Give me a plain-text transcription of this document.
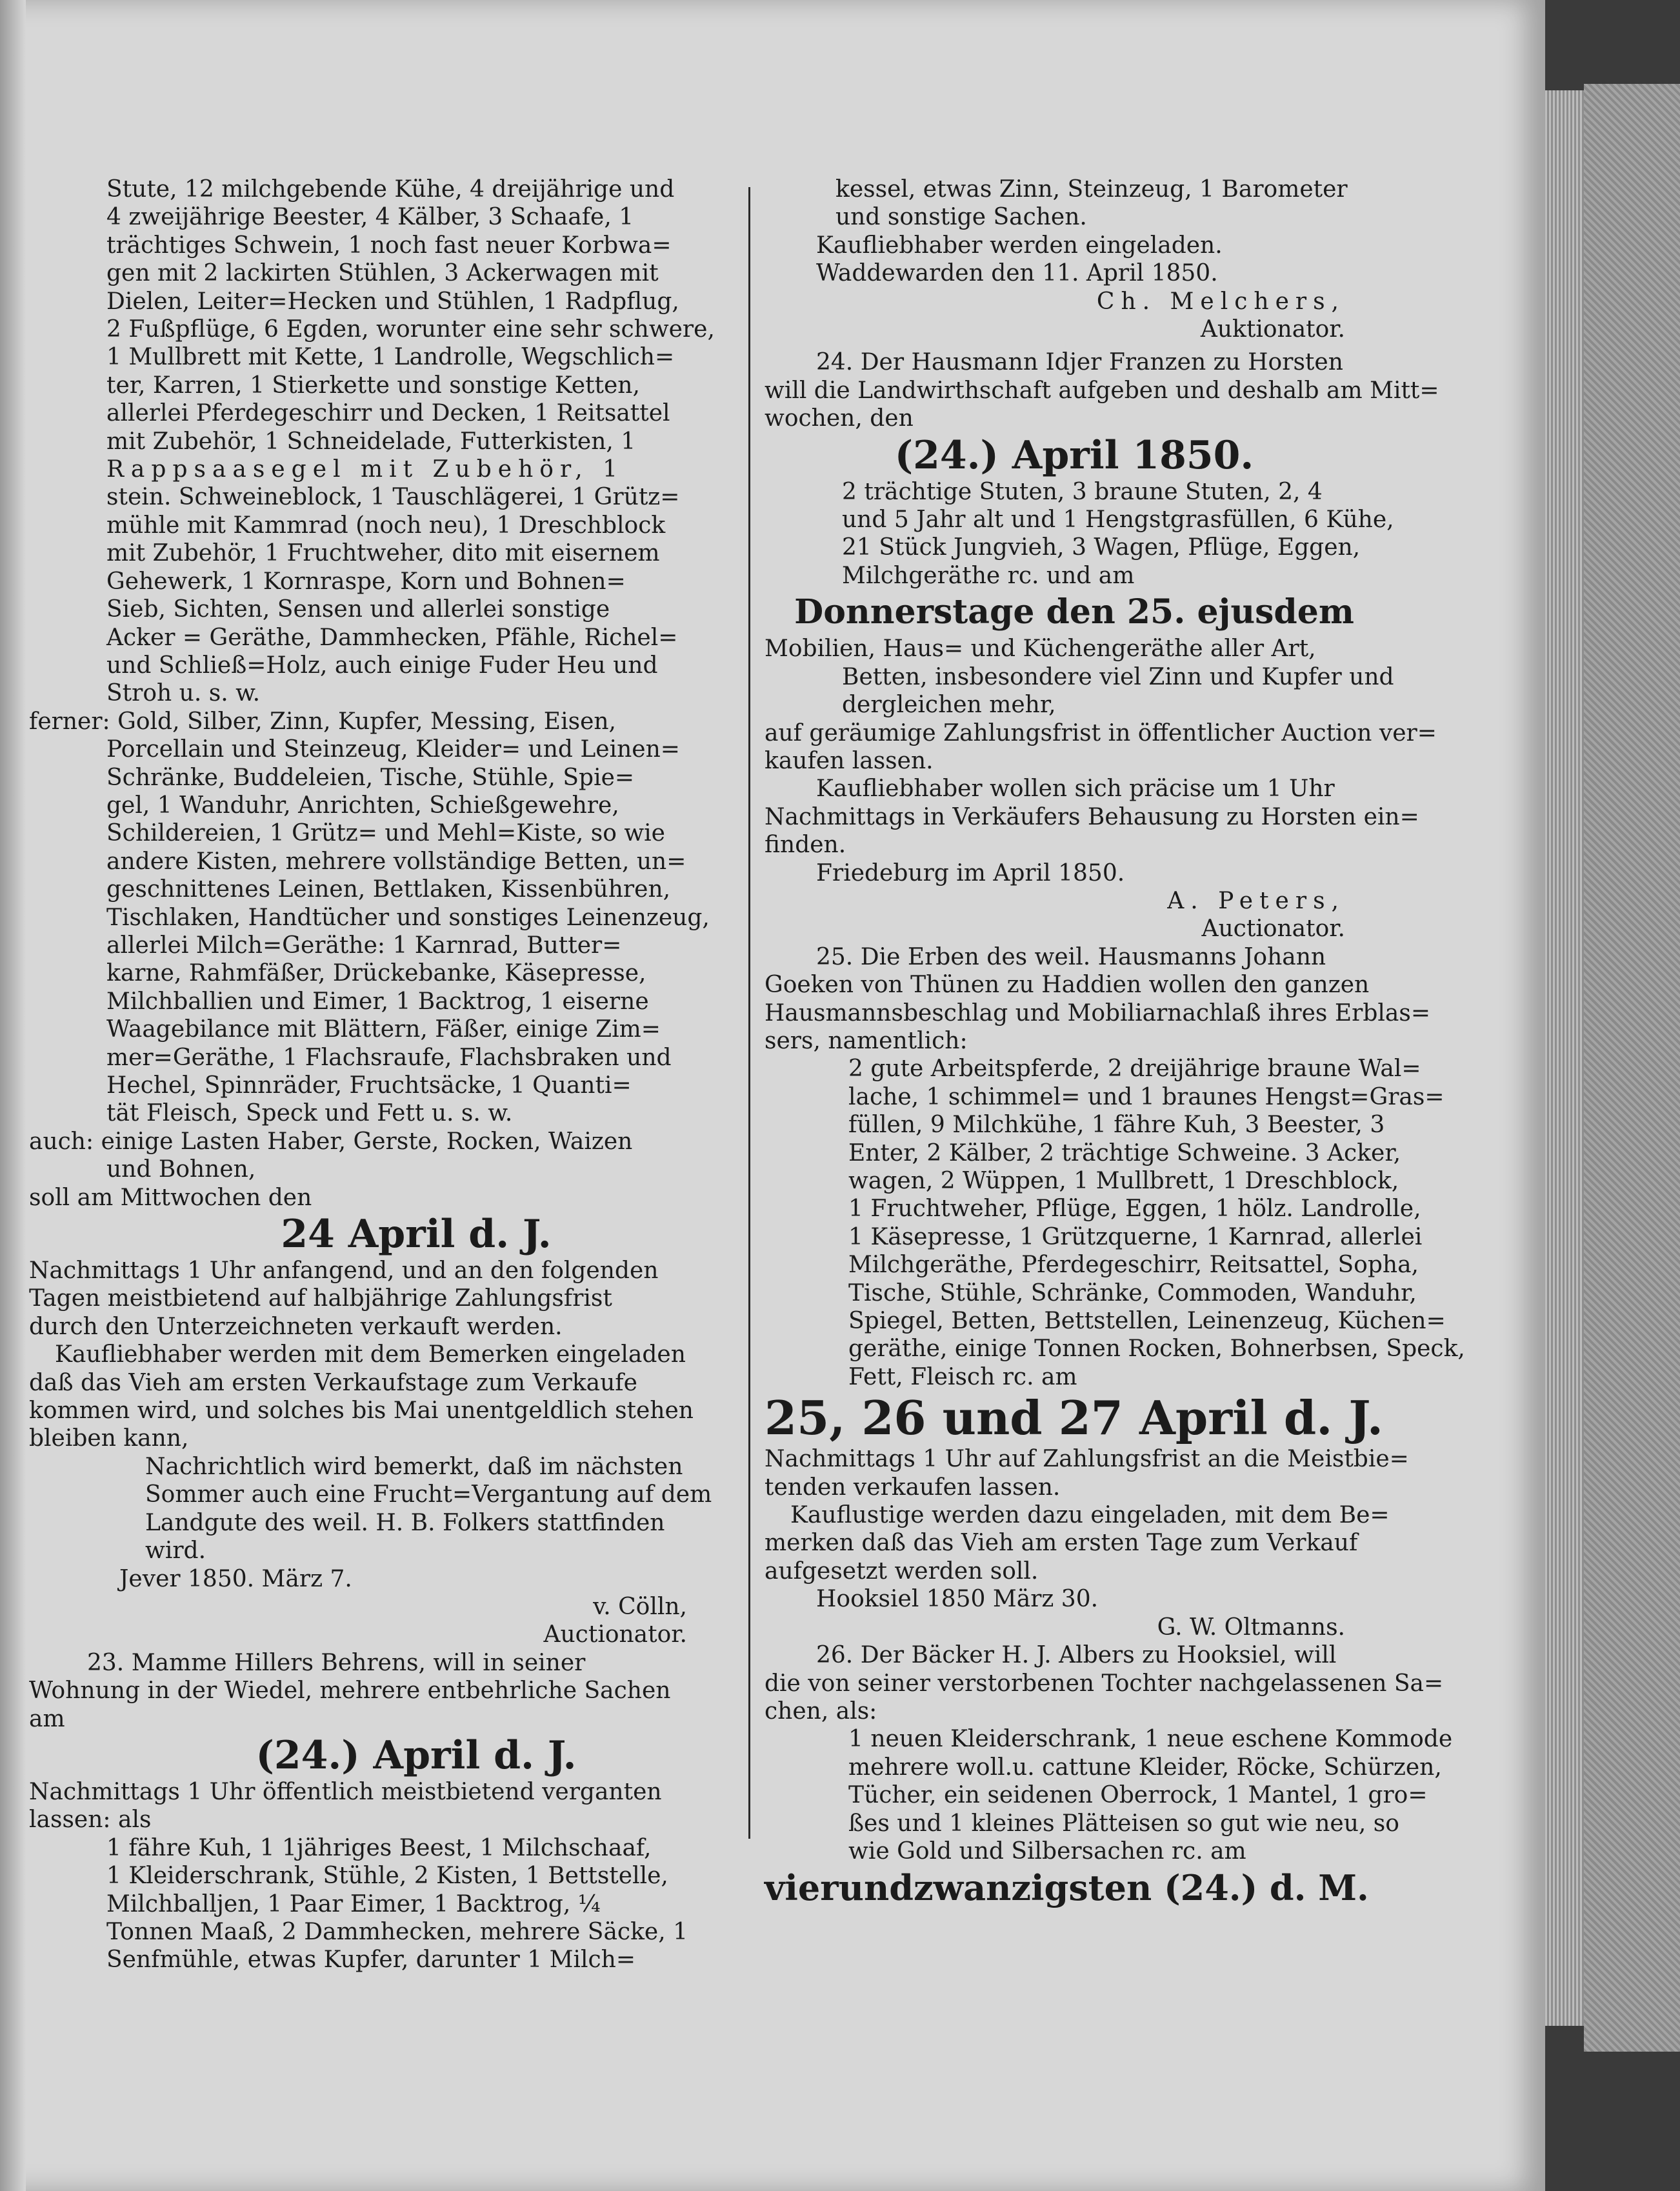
Stute, 12 milchgebende Kühe, 4 dreijährige und
4 zweijährige Beester, 4 Kälber, 3 Schaafe, 1
trächtiges Schwein, 1 noch fast neuer Korbwa=
gen mit 2 lackirten Stühlen, 3 Ackerwagen mit
Dielen, Leiter=Hecken und Stühlen, 1 Radpflug,
2 Fußpflüge, 6 Egden, worunter eine sehr schwere,
1 Mullbrett mit Kette, 1 Landrolle, Wegschlich=
ter, Karren, 1 Stierkette und sonstige Ketten,
allerlei Pferdegeschirr und Decken, 1 Reitsattel
mit Zubehör, 1 Schneidelade, Futterkisten, 1
Rappsaasegel mit Zubehör, 1
stein. Schweineblock, 1 Tauschlägerei, 1 Grütz=
mühle mit Kammrad (noch neu), 1 Dreschblock
mit Zubehör, 1 Fruchtweher, dito mit eisernem
Gehewerk, 1 Kornraspe, Korn und Bohnen=
Sieb, Sichten, Sensen und allerlei sonstige
Acker = Geräthe, Dammhecken, Pfähle, Richel=
und Schließ=Holz, auch einige Fuder Heu und
Stroh u. s. w.
ferner: Gold, Silber, Zinn, Kupfer, Messing, Eisen,
Porcellain und Steinzeug, Kleider= und Leinen=
Schränke, Buddeleien, Tische, Stühle, Spie=
gel, 1 Wanduhr, Anrichten, Schießgewehre,
Schildereien, 1 Grütz= und Mehl=Kiste, so wie
andere Kisten, mehrere vollständige Betten, un=
geschnittenes Leinen, Bettlaken, Kissenbühren,
Tischlaken, Handtücher und sonstiges Leinenzeug,
allerlei Milch=Geräthe: 1 Karnrad, Butter=
karne, Rahmfäßer, Drückebanke, Käsepresse,
Milchballien und Eimer, 1 Backtrog, 1 eiserne
Waagebilance mit Blättern, Fäßer, einige Zim=
mer=Geräthe, 1 Flachsraufe, Flachsbraken und
Hechel, Spinnräder, Fruchtsäcke, 1 Quanti=
tät Fleisch, Speck und Fett u. s. w.
auch: einige Lasten Haber, Gerste, Rocken, Waizen
und Bohnen,
soll am Mittwochen den
24 April d. J.
Nachmittags 1 Uhr anfangend, und an den folgenden
Tagen meistbietend auf halbjährige Zahlungsfrist
durch den Unterzeichneten verkauft werden.
Kaufliebhaber werden mit dem Bemerken eingeladen
daß das Vieh am ersten Verkaufstage zum Verkaufe
kommen wird, und solches bis Mai unentgeldlich stehen
bleiben kann,
Nachrichtlich wird bemerkt, daß im nächsten
Sommer auch eine Frucht=Vergantung auf dem
Landgute des weil. H. B. Folkers stattfinden
wird.
Jever 1850. März 7.
v. Cölln,
Auctionator.
23. Mamme Hillers Behrens, will in seiner
Wohnung in der Wiedel, mehrere entbehrliche Sachen
am
(24.) April d. J.
Nachmittags 1 Uhr öffentlich meistbietend verganten
lassen: als
1 fähre Kuh, 1 1jähriges Beest, 1 Milchschaaf,
1 Kleiderschrank, Stühle, 2 Kisten, 1 Bettstelle,
Milchballjen, 1 Paar Eimer, 1 Backtrog, ¼
Tonnen Maaß, 2 Dammhecken, mehrere Säcke, 1
Senfmühle, etwas Kupfer, darunter 1 Milch=
kessel, etwas Zinn, Steinzeug, 1 Barometer
und sonstige Sachen.
Kaufliebhaber werden eingeladen.
Waddewarden den 11. April 1850.
Ch. Melchers,
Auktionator.
24. Der Hausmann Idjer Franzen zu Horsten
will die Landwirthschaft aufgeben und deshalb am Mitt=
wochen, den
(24.) April 1850.
2 trächtige Stuten, 3 braune Stuten, 2, 4
und 5 Jahr alt und 1 Hengstgrasfüllen, 6 Kühe,
21 Stück Jungvieh, 3 Wagen, Pflüge, Eggen,
Milchgeräthe rc. und am
Donnerstage den 25. ejusdem
Mobilien, Haus= und Küchengeräthe aller Art,
Betten, insbesondere viel Zinn und Kupfer und
dergleichen mehr,
auf geräumige Zahlungsfrist in öffentlicher Auction ver=
kaufen lassen.
Kaufliebhaber wollen sich präcise um 1 Uhr
Nachmittags in Verkäufers Behausung zu Horsten ein=
finden.
Friedeburg im April 1850.
A. Peters,
Auctionator.
25. Die Erben des weil. Hausmanns Johann
Goeken von Thünen zu Haddien wollen den ganzen
Hausmannsbeschlag und Mobiliarnachlaß ihres Erblas=
sers, namentlich:
2 gute Arbeitspferde, 2 dreijährige braune Wal=
lache, 1 schimmel= und 1 braunes Hengst=Gras=
füllen, 9 Milchkühe, 1 fähre Kuh, 3 Beester, 3
Enter, 2 Kälber, 2 trächtige Schweine. 3 Acker,
wagen, 2 Wüppen, 1 Mullbrett, 1 Dreschblock,
1 Fruchtweher, Pflüge, Eggen, 1 hölz. Landrolle,
1 Käsepresse, 1 Grützquerne, 1 Karnrad, allerlei
Milchgeräthe, Pferdegeschirr, Reitsattel, Sopha,
Tische, Stühle, Schränke, Commoden, Wanduhr,
Spiegel, Betten, Bettstellen, Leinenzeug, Küchen=
geräthe, einige Tonnen Rocken, Bohnerbsen, Speck,
Fett, Fleisch rc. am
25, 26 und 27 April d. J.
Nachmittags 1 Uhr auf Zahlungsfrist an die Meistbie=
tenden verkaufen lassen.
Kauflustige werden dazu eingeladen, mit dem Be=
merken daß das Vieh am ersten Tage zum Verkauf
aufgesetzt werden soll.
Hooksiel 1850 März 30.
G. W. Oltmanns.
26. Der Bäcker H. J. Albers zu Hooksiel, will
die von seiner verstorbenen Tochter nachgelassenen Sa=
chen, als:
1 neuen Kleiderschrank, 1 neue eschene Kommode
mehrere woll.u. cattune Kleider, Röcke, Schürzen,
Tücher, ein seidenen Oberrock, 1 Mantel, 1 gro=
ßes und 1 kleines Plätteisen so gut wie neu, so
wie Gold und Silbersachen rc. am
vierundzwanzigsten (24.) d. M.
